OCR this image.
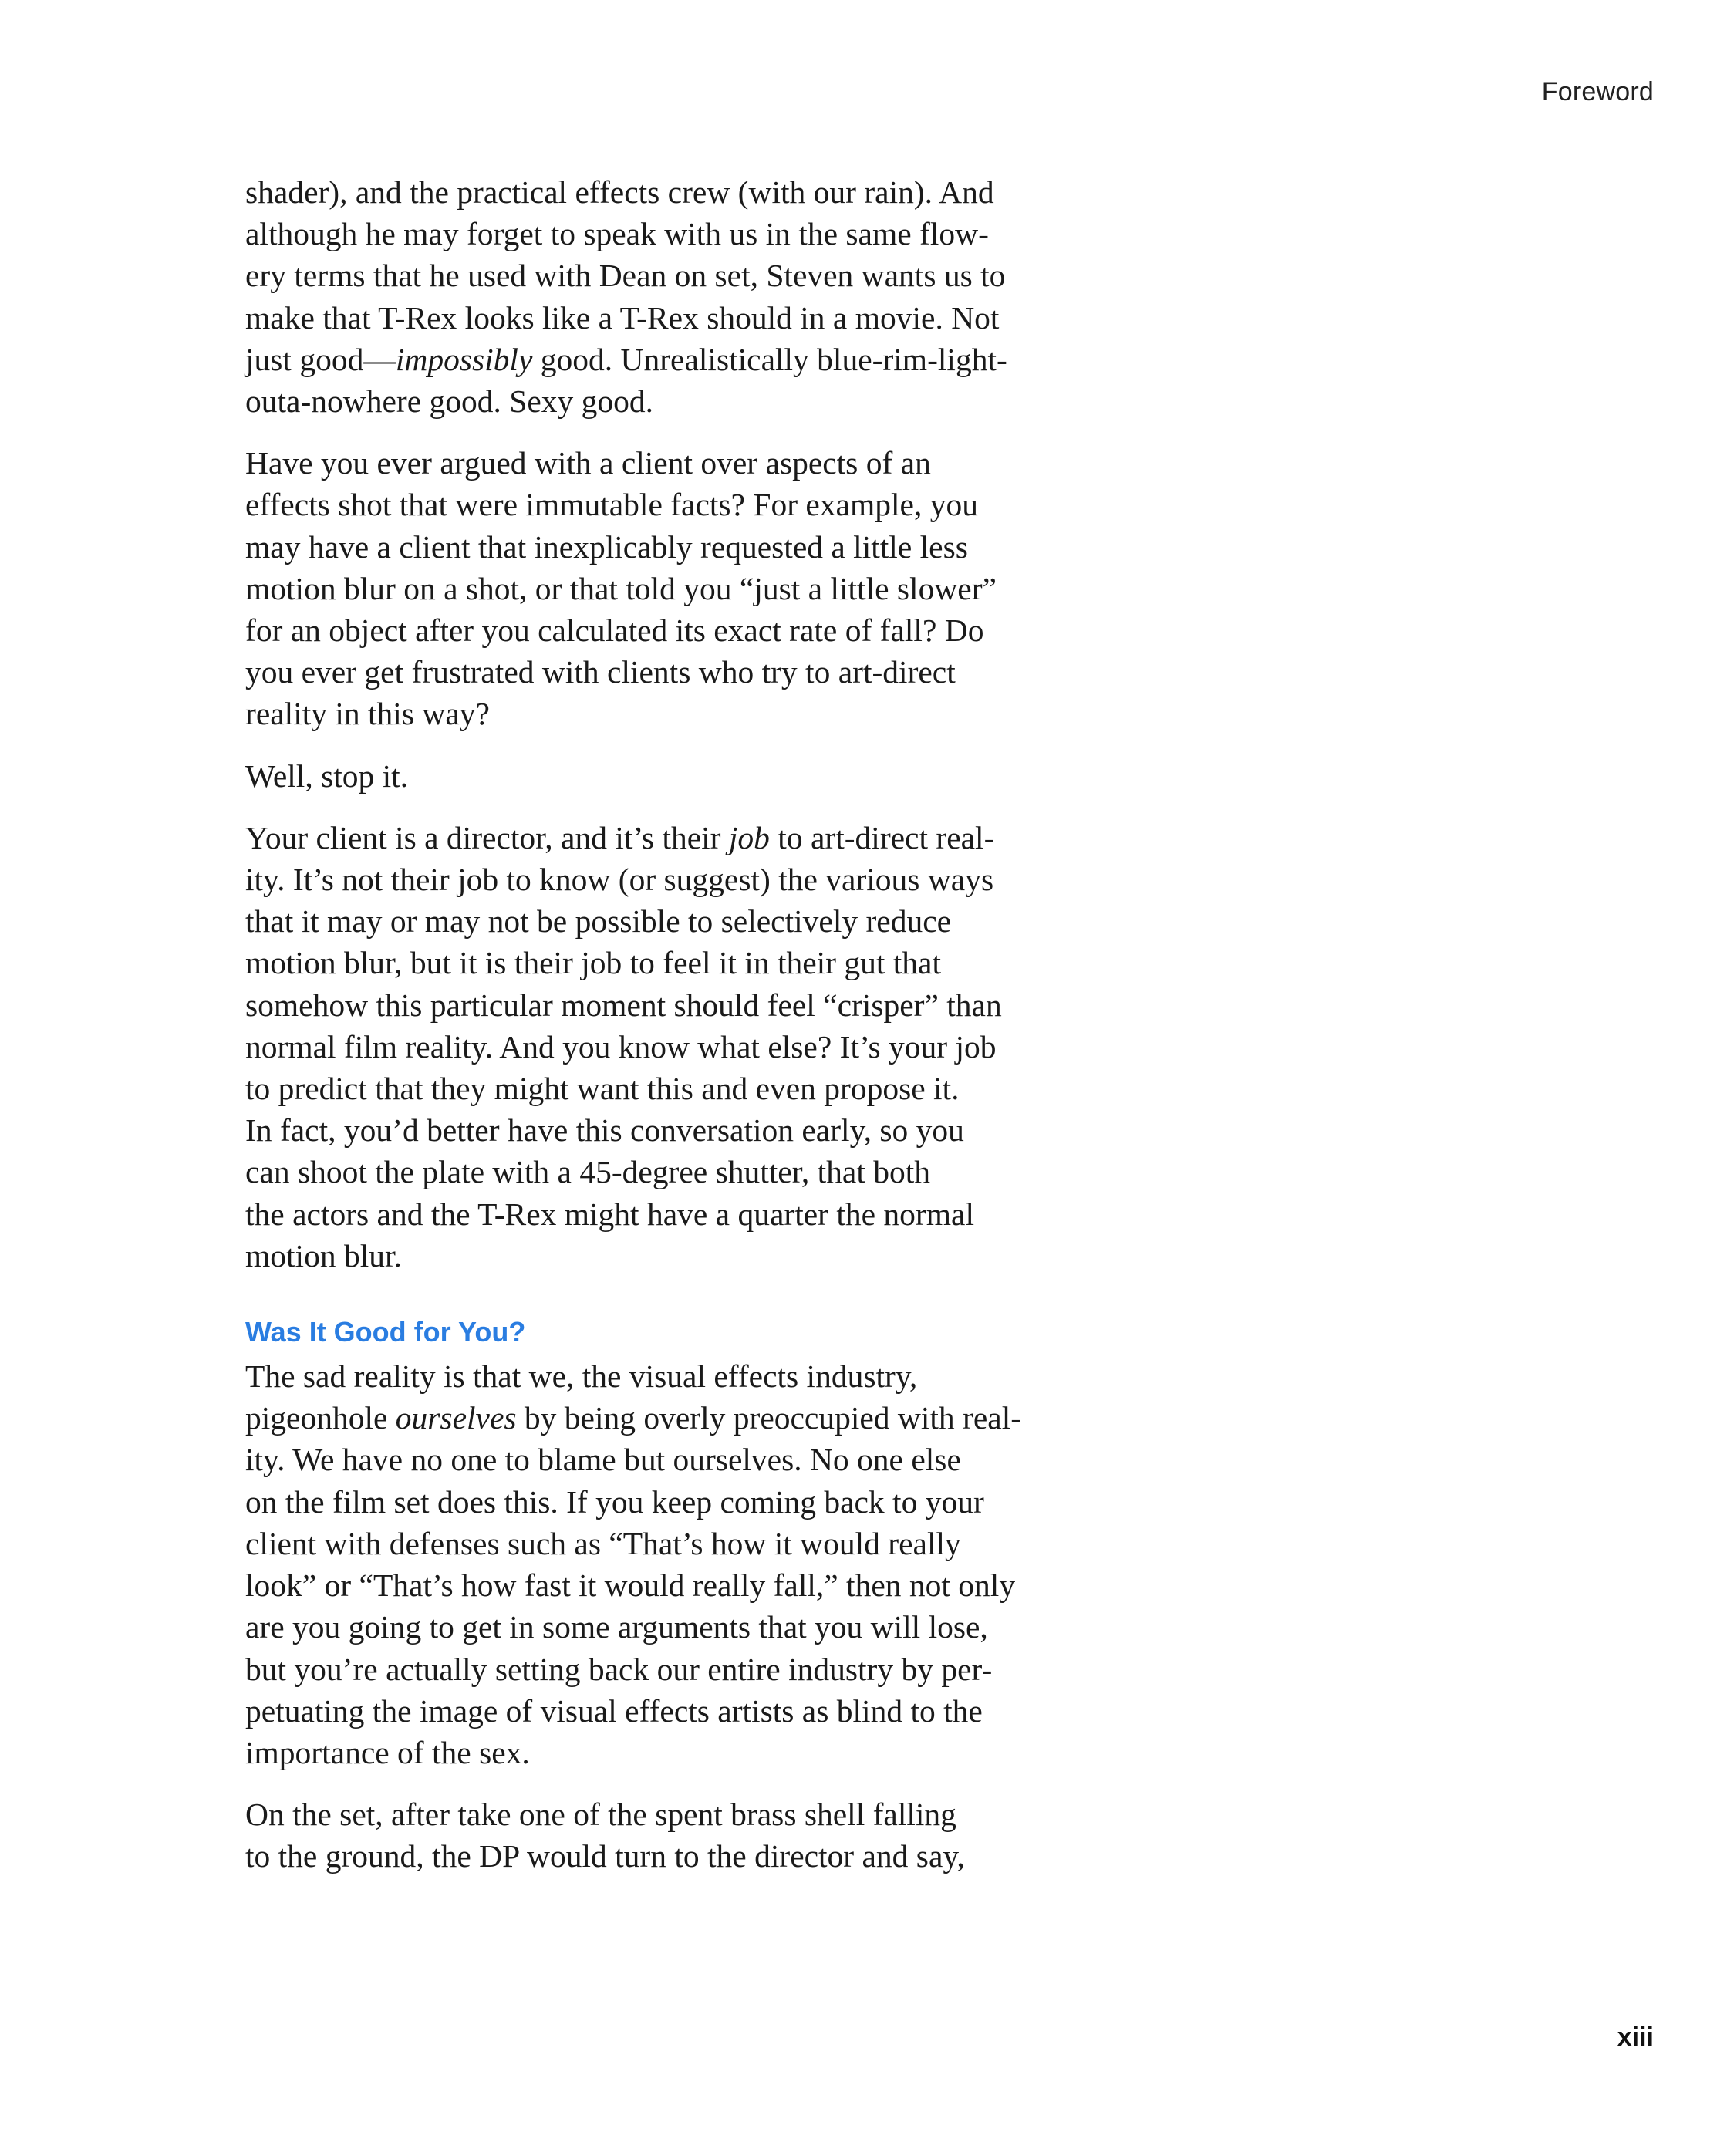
Foreword
shader), and the practical effects crew (with our rain). And
although he may forget to speak with us in the same flow-
ery terms that he used with Dean on set, Steven wants us to
make that T-Rex looks like a T-Rex should in a movie. Not
just good—impossibly good. Unrealistically blue-rim-light-
outa-nowhere good. Sexy good.
Have you ever argued with a client over aspects of an
effects shot that were immutable facts? For example, you
may have a client that inexplicably requested a little less
motion blur on a shot, or that told you “just a little slower”
for an object after you calculated its exact rate of fall? Do
you ever get frustrated with clients who try to art-direct
reality in this way?
Well, stop it.
Your client is a director, and it’s their job to art-direct real-
ity. It’s not their job to know (or suggest) the various ways
that it may or may not be possible to selectively reduce
motion blur, but it is their job to feel it in their gut that
somehow this particular moment should feel “crisper” than
normal film reality. And you know what else? It’s your job
to predict that they might want this and even propose it.
In fact, you’d better have this conversation early, so you
can shoot the plate with a 45-degree shutter, that both
the actors and the T-Rex might have a quarter the normal
motion blur.
Was It Good for You?
The sad reality is that we, the visual effects industry,
pigeonhole ourselves by being overly preoccupied with real-
ity. We have no one to blame but ourselves. No one else
on the film set does this. If you keep coming back to your
client with defenses such as “That’s how it would really
look” or “That’s how fast it would really fall,” then not only
are you going to get in some arguments that you will lose,
but you’re actually setting back our entire industry by per-
petuating the image of visual effects artists as blind to the
importance of the sex.
On the set, after take one of the spent brass shell falling
to the ground, the DP would turn to the director and say,
xiii
